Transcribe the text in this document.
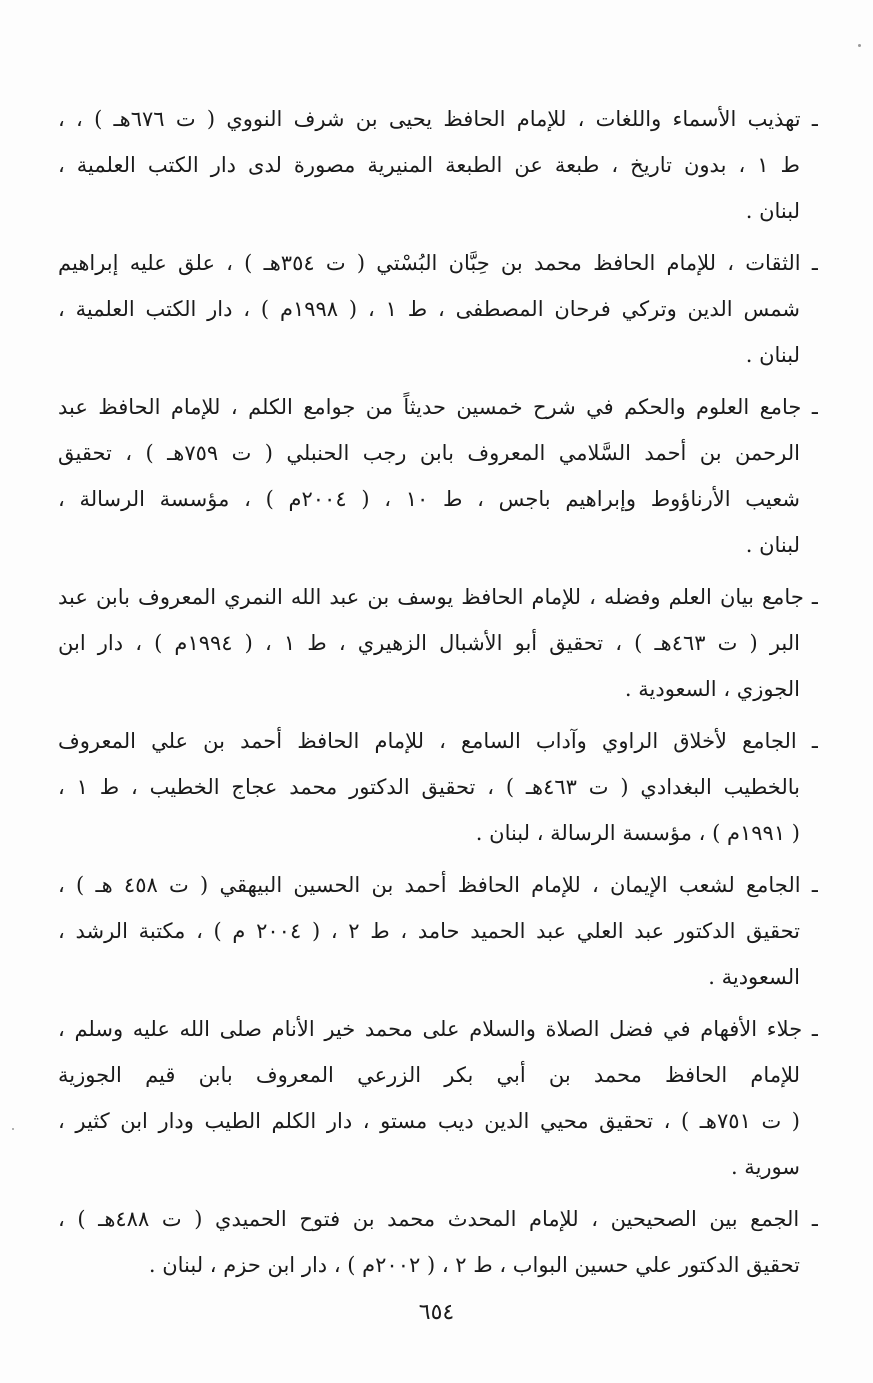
ـ تهذيب الأسماء واللغات ، للإمام الحافظ يحيى بن شرف النووي ( ت ٦٧٦هـ ) ، ،
ط ١ ، بدون تاريخ ، طبعة عن الطبعة المنيرية مصورة لدى دار الكتب العلمية ،
لبنان .
ـ الثقات ، للإمام الحافظ محمد بن حِبَّان البُسْتي ( ت ٣٥٤هـ ) ، علق عليه إبراهيم
شمس الدين وتركي فرحان المصطفى ، ط ١ ، ( ١٩٩٨م ) ، دار الكتب العلمية ،
لبنان .
ـ جامع العلوم والحكم في شرح خمسين حديثاً من جوامع الكلم ، للإمام الحافظ عبد
الرحمن بن أحمد السَّلامي المعروف بابن رجب الحنبلي ( ت ٧٥٩هـ ) ، تحقيق
شعيب الأرناؤوط وإبراهيم باجس ، ط ١٠ ، ( ٢٠٠٤م ) ، مؤسسة الرسالة ،
لبنان .
ـ جامع بيان العلم وفضله ، للإمام الحافظ يوسف بن عبد الله النمري المعروف بابن عبد
البر ( ت ٤٦٣هـ ) ، تحقيق أبو الأشبال الزهيري ، ط ١ ، ( ١٩٩٤م ) ، دار ابن
الجوزي ، السعودية .
ـ الجامع لأخلاق الراوي وآداب السامع ، للإمام الحافظ أحمد بن علي المعروف
بالخطيب البغدادي ( ت ٤٦٣هـ ) ، تحقيق الدكتور محمد عجاج الخطيب ، ط ١ ،
( ١٩٩١م ) ، مؤسسة الرسالة ، لبنان .
ـ الجامع لشعب الإيمان ، للإمام الحافظ أحمد بن الحسين البيهقي ( ت ٤٥٨ هـ ) ،
تحقيق الدكتور عبد العلي عبد الحميد حامد ، ط ٢ ، ( ٢٠٠٤ م ) ، مكتبة الرشد ،
السعودية .
ـ جلاء الأفهام في فضل الصلاة والسلام على محمد خير الأنام صلى الله عليه وسلم ،
للإمام الحافظ محمد بن أبي بكر الزرعي المعروف بابن قيم الجوزية
( ت ٧٥١هـ ) ، تحقيق محيي الدين ديب مستو ، دار الكلم الطيب ودار ابن كثير ،
سورية .
ـ الجمع بين الصحيحين ، للإمام المحدث محمد بن فتوح الحميدي ( ت ٤٨٨هـ ) ،
تحقيق الدكتور علي حسين البواب ، ط ٢ ، ( ٢٠٠٢م ) ، دار ابن حزم ، لبنان .
٦٥٤
